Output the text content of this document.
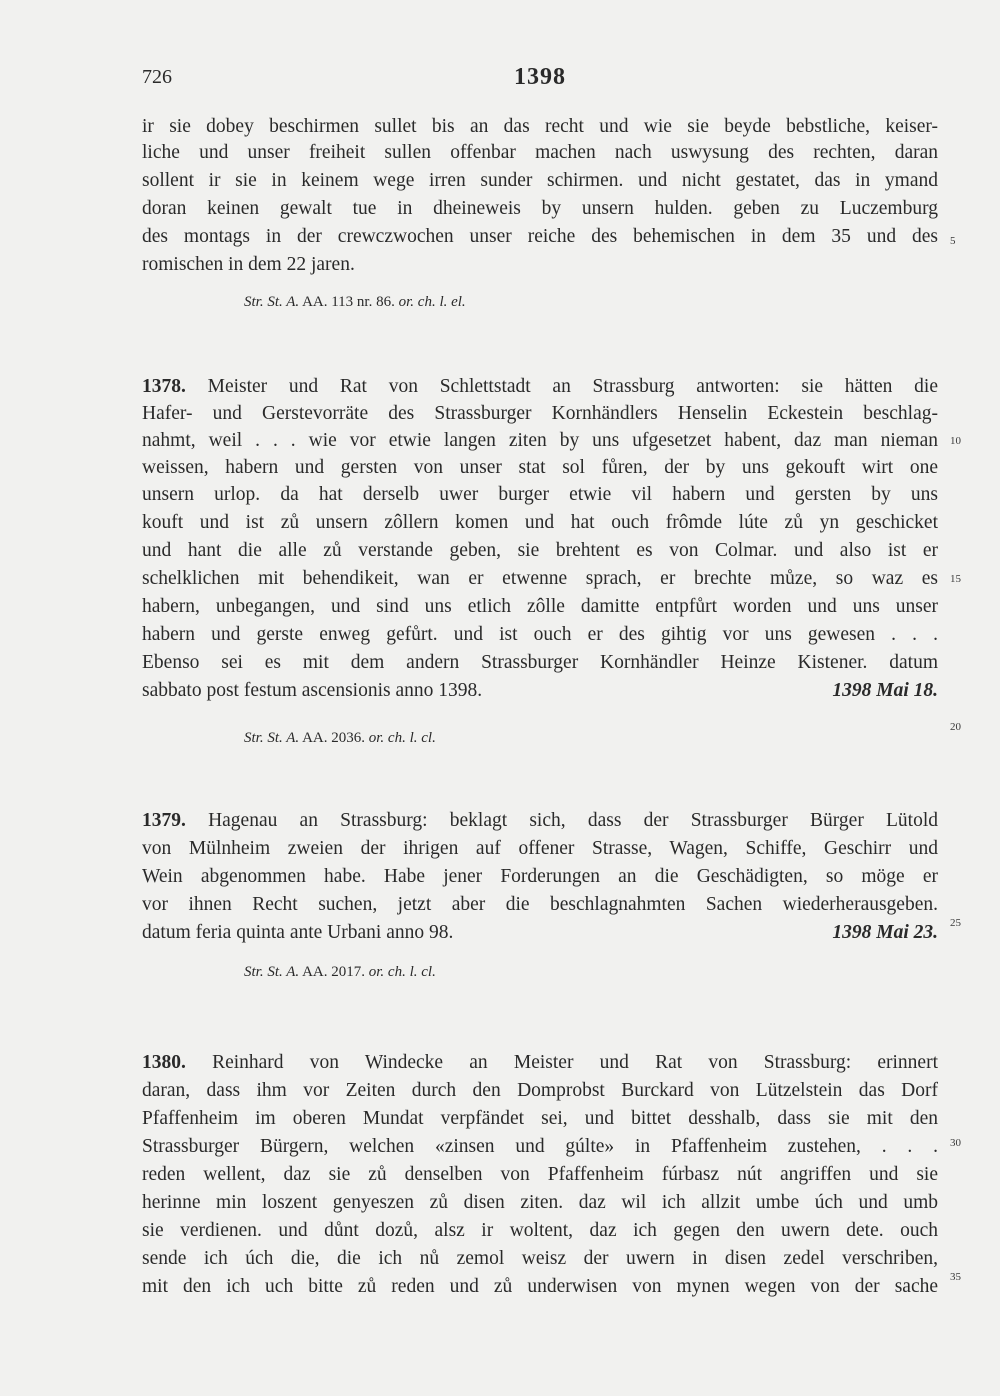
726	1398
ir sie dobey beschirmen sullet bis an das recht und wie sie beyde bebstliche, keiser-
liche und unser freiheit sullen offenbar machen nach uswysung des rechten, daran
sollent ir sie in keinem wege irren sunder schirmen. und nicht gestatet, das in ymand
doran keinen gewalt tue in dheineweis by unsern hulden. geben zu Luczemburg
des montags in der crewczwochen unser reiche des behemischen in dem 35 und des
romischen in dem 22 jaren.
Str. St. A. AA. 113 nr. 86. or. ch. l. el.
1378. Meister und Rat von Schlettstadt an Strassburg antworten: sie hätten die
Hafer- und Gerstevorräte des Strassburger Kornhändlers Henselin Eckestein beschlag-
nahmt, weil . . . wie vor etwie langen ziten by uns ufgesetzet habent, daz man nieman
weissen, habern und gersten von unser stat sol fůren, der by uns gekouft wirt one
unsern urlop. da hat derselb uwer burger etwie vil habern und gersten by uns
kouft und ist zů unsern zôllern komen und hat ouch frômde lúte zů yn geschicket
und hant die alle zů verstande geben, sie brehtent es von Colmar. und also ist er
schelklichen mit behendikeit, wan er etwenne sprach, er brechte můze, so waz es
habern, unbegangen, und sind uns etlich zôlle damitte entpfůrt worden und uns unser
habern und gerste enweg gefůrt. und ist ouch er des gihtig vor uns gewesen . . .
Ebenso sei es mit dem andern Strassburger Kornhändler Heinze Kistener. datum
sabbato post festum ascensionis anno 1398.	1398 Mai 18.
Str. St. A. AA. 2036. or. ch. l. cl.
1379. Hagenau an Strassburg: beklagt sich, dass der Strassburger Bürger Lütold
von Mülnheim zweien der ihrigen auf offener Strasse, Wagen, Schiffe, Geschirr und
Wein abgenommen habe. Habe jener Forderungen an die Geschädigten, so möge er
vor ihnen Recht suchen, jetzt aber die beschlagnahmten Sachen wiederherausgeben.
datum feria quinta ante Urbani anno 98.	1398 Mai 23.
Str. St. A. AA. 2017. or. ch. l. cl.
1380. Reinhard von Windecke an Meister und Rat von Strassburg: erinnert
daran, dass ihm vor Zeiten durch den Domprobst Burckard von Lützelstein das Dorf
Pfaffenheim im oberen Mundat verpfändet sei, und bittet desshalb, dass sie mit den
Strassburger Bürgern, welchen «zinsen und gúlte» in Pfaffenheim zustehen, . . .
reden wellent, daz sie zů denselben von Pfaffenheim fúrbasz nút angriffen und sie
herinne min loszent genyeszen zů disen ziten. daz wil ich allzit umbe úch und umb
sie verdienen. und důnt dozů, alsz ir woltent, daz ich gegen den uwern dete. ouch
sende ich úch die, die ich nů zemol weisz der uwern in disen zedel verschriben,
mit den ich uch bitte zů reden und zů underwisen von mynen wegen von der sache
5
10
15
20
25
30
35
